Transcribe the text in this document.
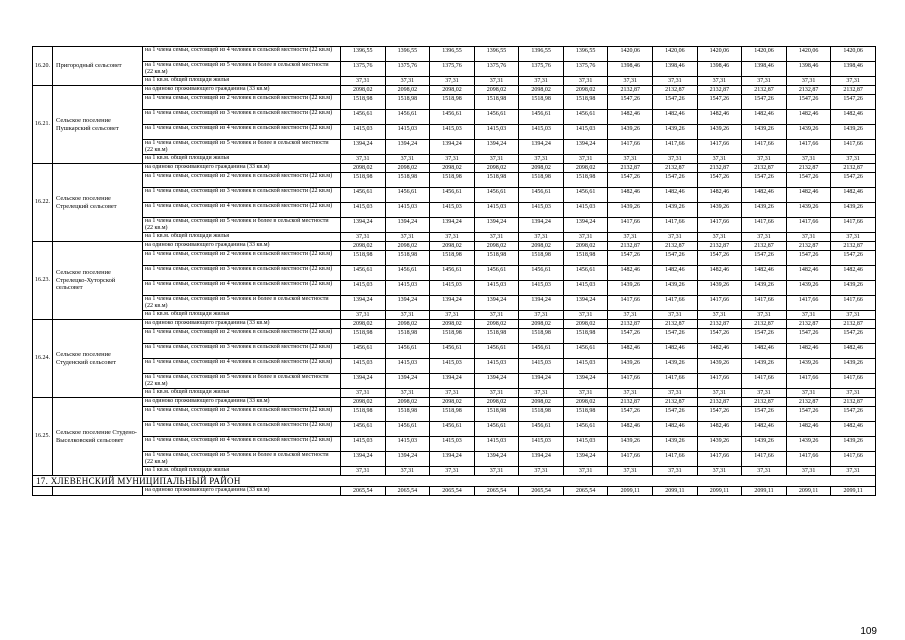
16.20.	Пригородный сельсовет	на 1 члена семьи, состоящей из 4 человек в сельской местности (22 кв.м)	1396,55	1396,55	1396,55	1396,55	1396,55	1396,55	1420,06	1420,06	1420,06	1420,06	1420,06	1420,06
		на 1 члена семьи, состоящей из 5 человек и более в сельской местности (22 кв.м)	1375,76	1375,76	1375,76	1375,76	1375,76	1375,76	1398,46	1398,46	1398,46	1398,46	1398,46	1398,46
		на 1 кв.м. общей площади жилья	37,31	37,31	37,31	37,31	37,31	37,31	37,31	37,31	37,31	37,31	37,31	37,31
16.21.	Сельское поселение Пушкарский сельсовет	на одиноко проживающего гражданина (33 кв.м)	2098,02	2098,02	2098,02	2098,02	2098,02	2098,02	2132,87	2132,87	2132,87	2132,87	2132,87	2132,87
		на 1 члена семьи, состоящей из 2 человек в сельской местности (22 кв.м)	1518,98	1518,98	1518,98	1518,98	1518,98	1518,98	1547,26	1547,26	1547,26	1547,26	1547,26	1547,26
		на 1 члена семьи, состоящей из 3 человек в сельской местности (22 кв.м)	1456,61	1456,61	1456,61	1456,61	1456,61	1456,61	1482,46	1482,46	1482,46	1482,46	1482,46	1482,46
		на 1 члена семьи, состоящей из 4 человек в сельской местности (22 кв.м)	1415,03	1415,03	1415,03	1415,03	1415,03	1415,03	1439,26	1439,26	1439,26	1439,26	1439,26	1439,26
		на 1 члена семьи, состоящей из 5 человек и более в сельской местности (22 кв.м)	1394,24	1394,24	1394,24	1394,24	1394,24	1394,24	1417,66	1417,66	1417,66	1417,66	1417,66	1417,66
		на 1 кв.м. общей площади жилья	37,31	37,31	37,31	37,31	37,31	37,31	37,31	37,31	37,31	37,31	37,31	37,31
16.22.	Сельское поселение Стрелецкий сельсовет	на одиноко проживающего гражданина (33 кв.м)	2098,02	2098,02	2098,02	2098,02	2098,02	2098,02	2132,87	2132,87	2132,87	2132,87	2132,87	2132,87
		на 1 члена семьи, состоящей из 2 человек в сельской местности (22 кв.м)	1518,98	1518,98	1518,98	1518,98	1518,98	1518,98	1547,26	1547,26	1547,26	1547,26	1547,26	1547,26
		на 1 члена семьи, состоящей из 3 человек в сельской местности (22 кв.м)	1456,61	1456,61	1456,61	1456,61	1456,61	1456,61	1482,46	1482,46	1482,46	1482,46	1482,46	1482,46
		на 1 члена семьи, состоящей из 4 человек в сельской местности (22 кв.м)	1415,03	1415,03	1415,03	1415,03	1415,03	1415,03	1439,26	1439,26	1439,26	1439,26	1439,26	1439,26
		на 1 члена семьи, состоящей из 5 человек и более в сельской местности (22 кв.м)	1394,24	1394,24	1394,24	1394,24	1394,24	1394,24	1417,66	1417,66	1417,66	1417,66	1417,66	1417,66
		на 1 кв.м. общей площади жилья	37,31	37,31	37,31	37,31	37,31	37,31	37,31	37,31	37,31	37,31	37,31	37,31
16.23.	Сельское поселение Стрелецко-Хуторской сельсовет	на одиноко проживающего гражданина (33 кв.м)	2098,02	2098,02	2098,02	2098,02	2098,02	2098,02	2132,87	2132,87	2132,87	2132,87	2132,87	2132,87
		на 1 члена семьи, состоящей из 2 человек в сельской местности (22 кв.м)	1518,98	1518,98	1518,98	1518,98	1518,98	1518,98	1547,26	1547,26	1547,26	1547,26	1547,26	1547,26
		на 1 члена семьи, состоящей из 3 человек в сельской местности (22 кв.м)	1456,61	1456,61	1456,61	1456,61	1456,61	1456,61	1482,46	1482,46	1482,46	1482,46	1482,46	1482,46
		на 1 члена семьи, состоящей из 4 человек в сельской местности (22 кв.м)	1415,03	1415,03	1415,03	1415,03	1415,03	1415,03	1439,26	1439,26	1439,26	1439,26	1439,26	1439,26
		на 1 члена семьи, состоящей из 5 человек и более в сельской местности (22 кв.м)	1394,24	1394,24	1394,24	1394,24	1394,24	1394,24	1417,66	1417,66	1417,66	1417,66	1417,66	1417,66
		на 1 кв.м. общей площади жилья	37,31	37,31	37,31	37,31	37,31	37,31	37,31	37,31	37,31	37,31	37,31	37,31
16.24.	Сельское поселение Студенский сельсовет	на одиноко проживающего гражданина (33 кв.м)	2098,02	2098,02	2098,02	2098,02	2098,02	2098,02	2132,87	2132,87	2132,87	2132,87	2132,87	2132,87
		на 1 члена семьи, состоящей из 2 человек в сельской местности (22 кв.м)	1518,98	1518,98	1518,98	1518,98	1518,98	1518,98	1547,26	1547,26	1547,26	1547,26	1547,26	1547,26
		на 1 члена семьи, состоящей из 3 человек в сельской местности (22 кв.м)	1456,61	1456,61	1456,61	1456,61	1456,61	1456,61	1482,46	1482,46	1482,46	1482,46	1482,46	1482,46
		на 1 члена семьи, состоящей из 4 человек в сельской местности (22 кв.м)	1415,03	1415,03	1415,03	1415,03	1415,03	1415,03	1439,26	1439,26	1439,26	1439,26	1439,26	1439,26
		на 1 члена семьи, состоящей из 5 человек и более в сельской местности (22 кв.м)	1394,24	1394,24	1394,24	1394,24	1394,24	1394,24	1417,66	1417,66	1417,66	1417,66	1417,66	1417,66
		на 1 кв.м. общей площади жилья	37,31	37,31	37,31	37,31	37,31	37,31	37,31	37,31	37,31	37,31	37,31	37,31
16.25.	Сельское поселение Студено-Выселковский сельсовет	на одиноко проживающего гражданина (33 кв.м)	2098,02	2098,02	2098,02	2098,02	2098,02	2098,02	2132,87	2132,87	2132,87	2132,87	2132,87	2132,87
		на 1 члена семьи, состоящей из 2 человек в сельской местности (22 кв.м)	1518,98	1518,98	1518,98	1518,98	1518,98	1518,98	1547,26	1547,26	1547,26	1547,26	1547,26	1547,26
		на 1 члена семьи, состоящей из 3 человек в сельской местности (22 кв.м)	1456,61	1456,61	1456,61	1456,61	1456,61	1456,61	1482,46	1482,46	1482,46	1482,46	1482,46	1482,46
		на 1 члена семьи, состоящей из 4 человек в сельской местности (22 кв.м)	1415,03	1415,03	1415,03	1415,03	1415,03	1415,03	1439,26	1439,26	1439,26	1439,26	1439,26	1439,26
		на 1 члена семьи, состоящей из 5 человек и более в сельской местности (22 кв.м)	1394,24	1394,24	1394,24	1394,24	1394,24	1394,24	1417,66	1417,66	1417,66	1417,66	1417,66	1417,66
		на 1 кв.м. общей площади жилья	37,31	37,31	37,31	37,31	37,31	37,31	37,31	37,31	37,31	37,31	37,31	37,31
17. ХЛЕВЕНСКИЙ МУНИЦИПАЛЬНЫЙ РАЙОН														
		на одиноко проживающего гражданина (33 кв.м)	2065,54	2065,54	2065,54	2065,54	2065,54	2065,54	2099,11	2099,11	2099,11	2099,11	2099,11	2099,11
109
